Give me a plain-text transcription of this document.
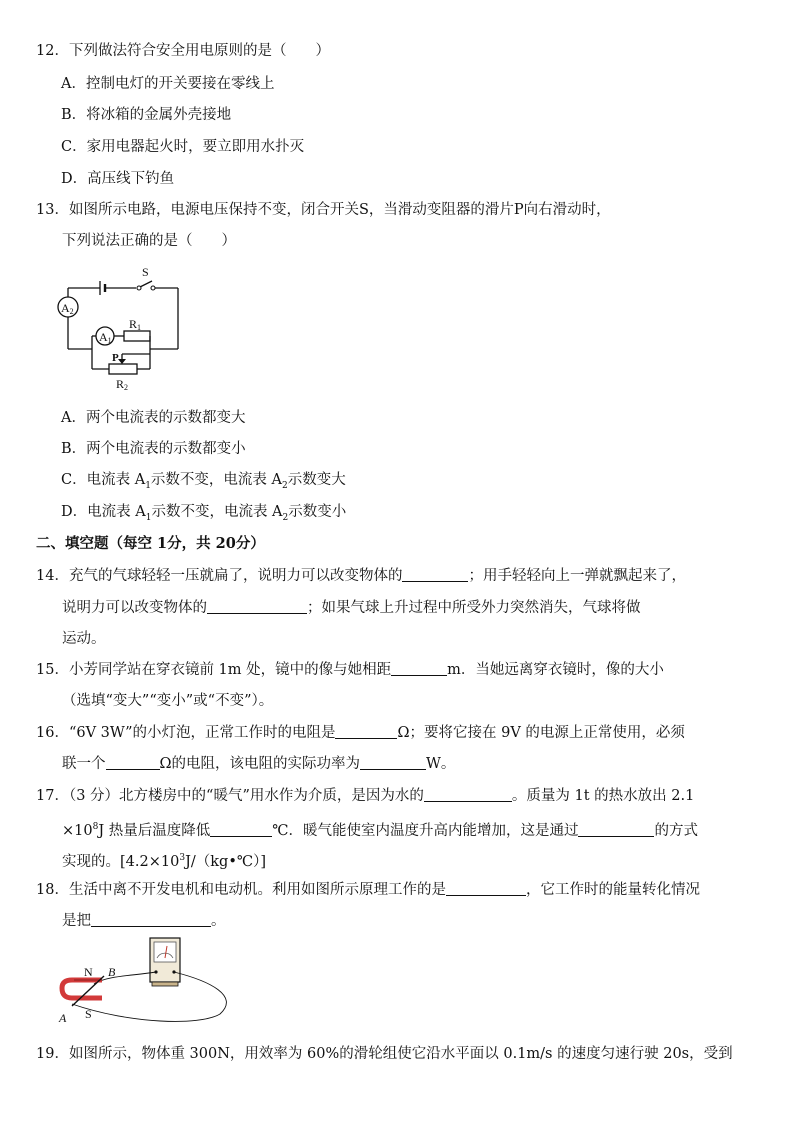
12．下列做法符合安全用电原则的是（　　）
A．控制电灯的开关要接在零线上
B．将冰箱的金属外壳接地
C．家用电器起火时，要立即用水扑灭
D．高压线下钓鱼
13．如图所示电路，电源电压保持不变，闭合开关S，当滑动变阻器的滑片P向右滑动时，
下列说法正确的是（　　）
S
A2
A1
R1
R2
P
A．两个电流表的示数都变大
B．两个电流表的示数都变小
C．电流表 $A_1$示数不变，电流表 $A_2$示数变大
D．电流表 $A_1$示数不变，电流表 $A_2$示数变小
二、填空题（每空 1分，共 20分）
14．充气的气球轻轻一压就扁了，说明力可以改变物体的	；用手轻轻向上一弹就飘起来了，
说明力可以改变物体的	；如果气球上升过程中所受外力突然消失，气球将做
运动。
15．小芳同学站在穿衣镜前 1m 处，镜中的像与她相距	m．当她远离穿衣镜时，像的大小
（选填“变大”“变小”或“不变”）。
16．“6V 3W”的小灯泡，正常工作时的电阻是	Ω；要将它接在 9V 的电源上正常使用，必须
联一个	Ω的电阻，该电阻的实际功率为	W。
17．（3 分）北方楼房中的“暖气”用水作为介质，是因为水的	。质量为 1t 的热水放出 2.1
$\times 10^8J$ 热量后温度降低	℃．暖气能使室内温度升高内能增加，这是通过	的方式
实现的。$[4.2\times 10^3J/(kg•℃)]$
18．生活中离不开发电机和电动机。利用如图所示原理工作的是	，它工作时的能量转化情况
是把	。
N B
S
A
19．如图所示，物体重 300N，用效率为 60%的滑轮组使它沿水平面以 0.1m/s 的速度匀速行驶 20s，受到
